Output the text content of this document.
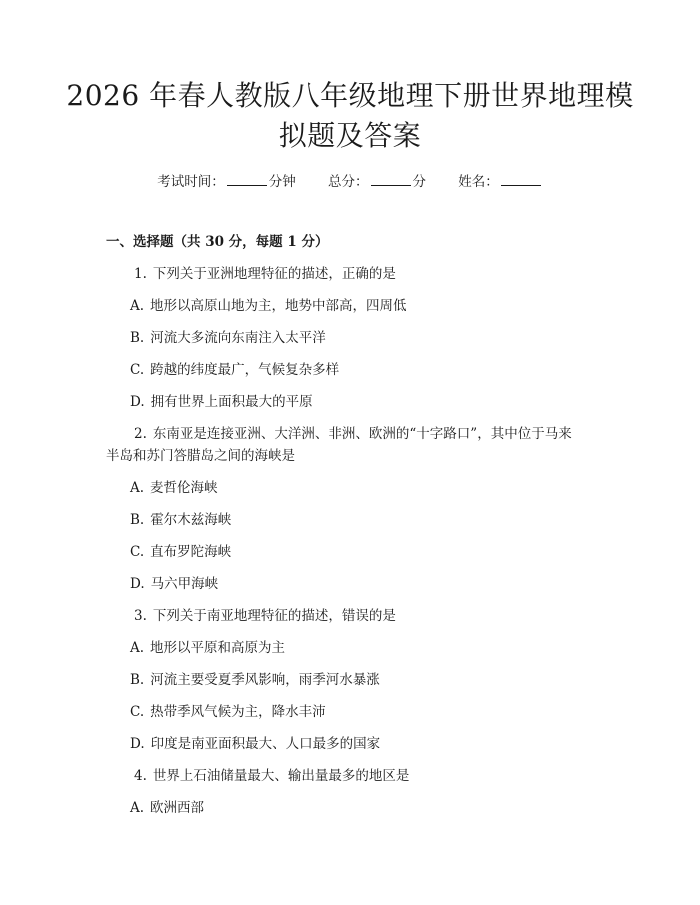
2026 年春人教版八年级地理下册世界地理模
拟题及答案
考试时间：	分钟 总分：	分 姓名：
一、选择题（共 30 分，每题 1 分）

1. 下列关于亚洲地理特征的描述，正确的是

A. 地形以高原山地为主，地势中部高，四周低

B. 河流大多流向东南注入太平洋

C. 跨越的纬度最广，气候复杂多样

D. 拥有世界上面积最大的平原

2. 东南亚是连接亚洲、大洋洲、非洲、欧洲的“十字路口”，其中位于马来

半岛和苏门答腊岛之间的海峡是

A. 麦哲伦海峡

B. 霍尔木兹海峡

C. 直布罗陀海峡

D. 马六甲海峡

3. 下列关于南亚地理特征的描述，错误的是

A. 地形以平原和高原为主

B. 河流主要受夏季风影响，雨季河水暴涨

C. 热带季风气候为主，降水丰沛

D. 印度是南亚面积最大、人口最多的国家

4. 世界上石油储量最大、输出量最多的地区是

A. 欧洲西部
